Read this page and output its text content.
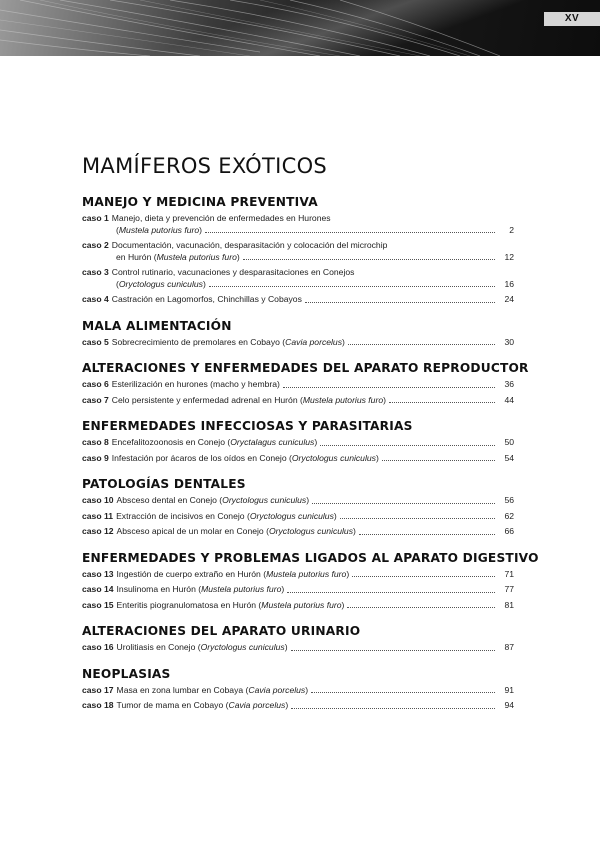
XV
MAMÍFEROS EXÓTICOS
MANEJO Y MEDICINA PREVENTIVA
caso 1 Manejo, dieta y prevención de enfermedades en Hurones
(Mustela putorius furo)	2
caso 2 Documentación, vacunación, desparasitación y colocación del microchip
en Hurón (Mustela putorius furo)	12
caso 3 Control rutinario, vacunaciones y desparasitaciones en Conejos
(Oryctologus cuniculus)	16
caso 4 Castración en Lagomorfos, Chinchillas y Cobayos	24
MALA ALIMENTACIÓN
caso 5 Sobrecrecimiento de premolares en Cobayo (Cavia porcelus)	30
ALTERACIONES Y ENFERMEDADES DEL APARATO REPRODUCTOR
caso 6 Esterilización en hurones (macho y hembra)	36
caso 7 Celo persistente y enfermedad adrenal en Hurón (Mustela putorius furo)	44
ENFERMEDADES INFECCIOSAS Y PARASITARIAS
caso 8 Encefalitozoonosis en Conejo (Oryctalagus cuniculus)	50
caso 9 Infestación por ácaros de los oídos en Conejo (Oryctologus cuniculus)	54
PATOLOGÍAS DENTALES
caso 10 Absceso dental en Conejo (Oryctologus cuniculus)	56
caso 11 Extracción de incisivos en Conejo (Oryctologus cuniculus)	62
caso 12 Absceso apical de un molar en Conejo (Oryctologus cuniculus)	66
ENFERMEDADES Y PROBLEMAS LIGADOS AL APARATO DIGESTIVO
caso 13 Ingestión de cuerpo extraño en Hurón (Mustela putorius furo)	71
caso 14 Insulinoma en Hurón (Mustela putorius furo)	77
caso 15 Enteritis piogranulomatosa en Hurón (Mustela putorius furo)	81
ALTERACIONES DEL APARATO URINARIO
caso 16 Urolitiasis en Conejo (Oryctologus cuniculus)	87
NEOPLASIAS
caso 17 Masa en zona lumbar en Cobaya (Cavia porcelus)	91
caso 18 Tumor de mama en Cobayo (Cavia porcelus)	94
